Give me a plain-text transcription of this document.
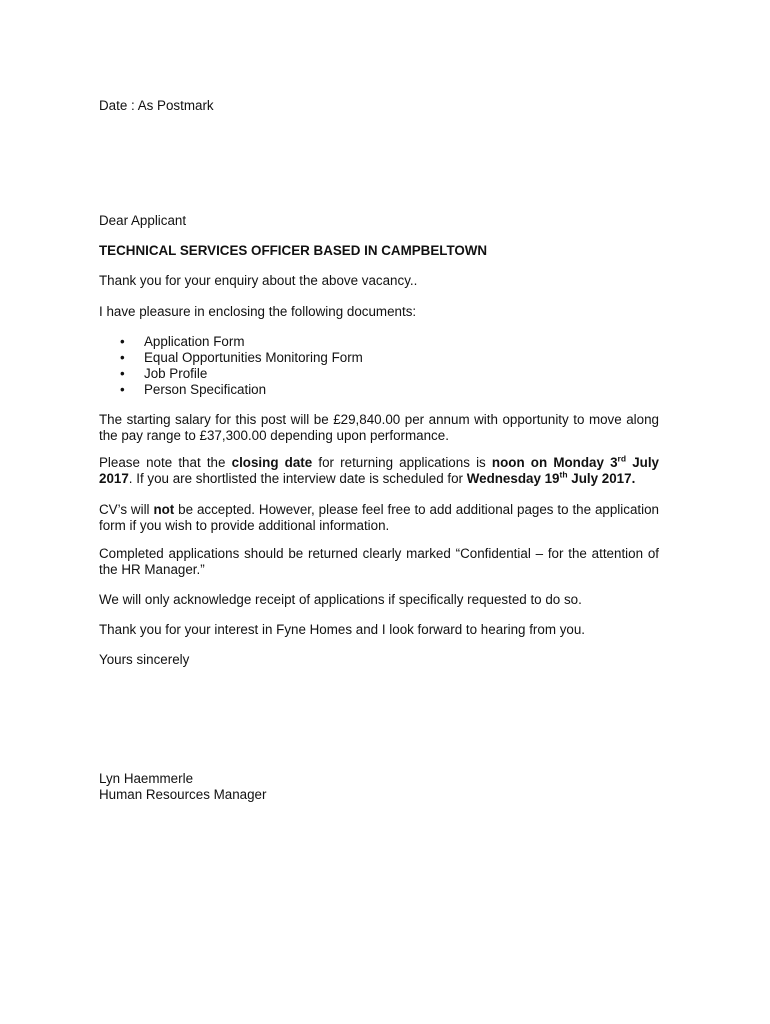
Date : As Postmark

Dear Applicant

TECHNICAL SERVICES OFFICER BASED IN CAMPBELTOWN

Thank you for your enquiry about the above vacancy..

I have pleasure in enclosing the following documents:

• Application Form
• Equal Opportunities Monitoring Form
• Job Profile
• Person Specification

The starting salary for this post will be £29,840.00 per annum with opportunity to move along the pay range to £37,300.00 depending upon performance.

Please note that the closing date for returning applications is noon on Monday 3rd July 2017. If you are shortlisted the interview date is scheduled for Wednesday 19th July 2017.

CV’s will not be accepted. However, please feel free to add additional pages to the application form if you wish to provide additional information.

Completed applications should be returned clearly marked “Confidential – for the attention of the HR Manager.”

We will only acknowledge receipt of applications if specifically requested to do so.

Thank you for your interest in Fyne Homes and I look forward to hearing from you.

Yours sincerely

Lyn Haemmerle

Human Resources Manager
